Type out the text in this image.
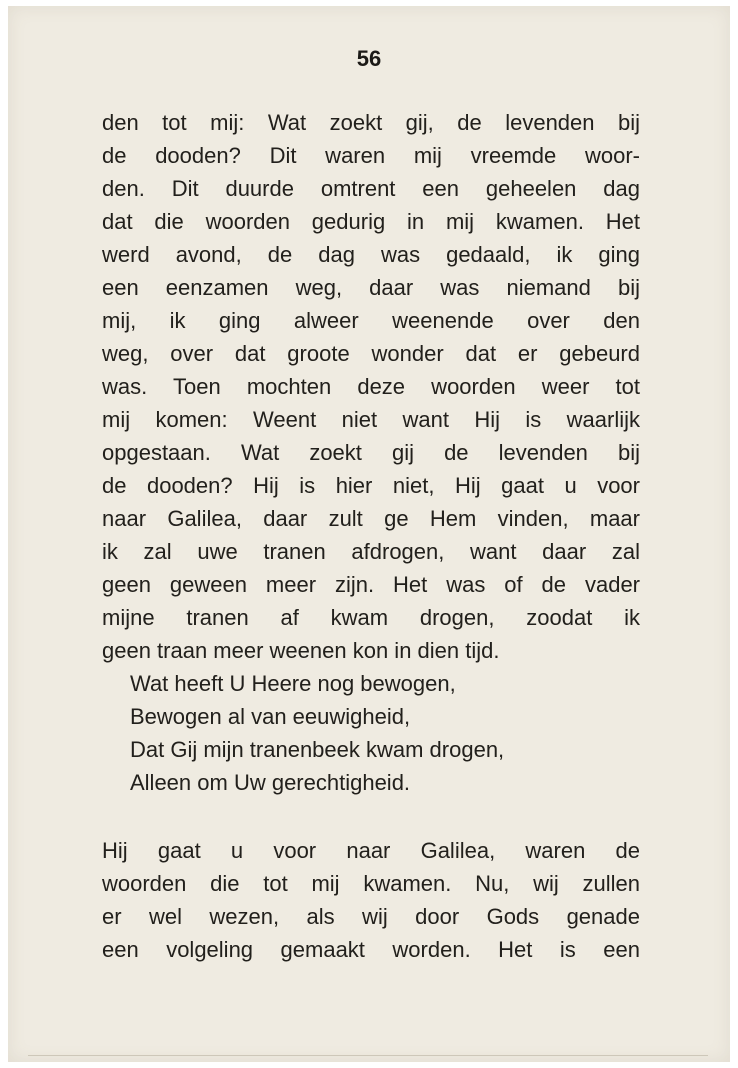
56
den tot mij: Wat zoekt gij, de levenden bij
de dooden? Dit waren mij vreemde woor-
den. Dit duurde omtrent een geheelen dag
dat die woorden gedurig in mij kwamen. Het
werd avond, de dag was gedaald, ik ging
een eenzamen weg, daar was niemand bij
mij, ik ging alweer weenende over den
weg, over dat groote wonder dat er gebeurd
was. Toen mochten deze woorden weer tot
mij komen: Weent niet want Hij is waarlijk
opgestaan. Wat zoekt gij de levenden bij
de dooden? Hij is hier niet, Hij gaat u voor
naar Galilea, daar zult ge Hem vinden, maar
ik zal uwe tranen afdrogen, want daar zal
geen geween meer zijn. Het was of de vader
mijne tranen af kwam drogen, zoodat ik
geen traan meer weenen kon in dien tijd.
Wat heeft U Heere nog bewogen,
Bewogen al van eeuwigheid,
Dat Gij mijn tranenbeek kwam drogen,
Alleen om Uw gerechtigheid.
Hij gaat u voor naar Galilea, waren de
woorden die tot mij kwamen. Nu, wij zullen
er wel wezen, als wij door Gods genade
een volgeling gemaakt worden. Het is een
